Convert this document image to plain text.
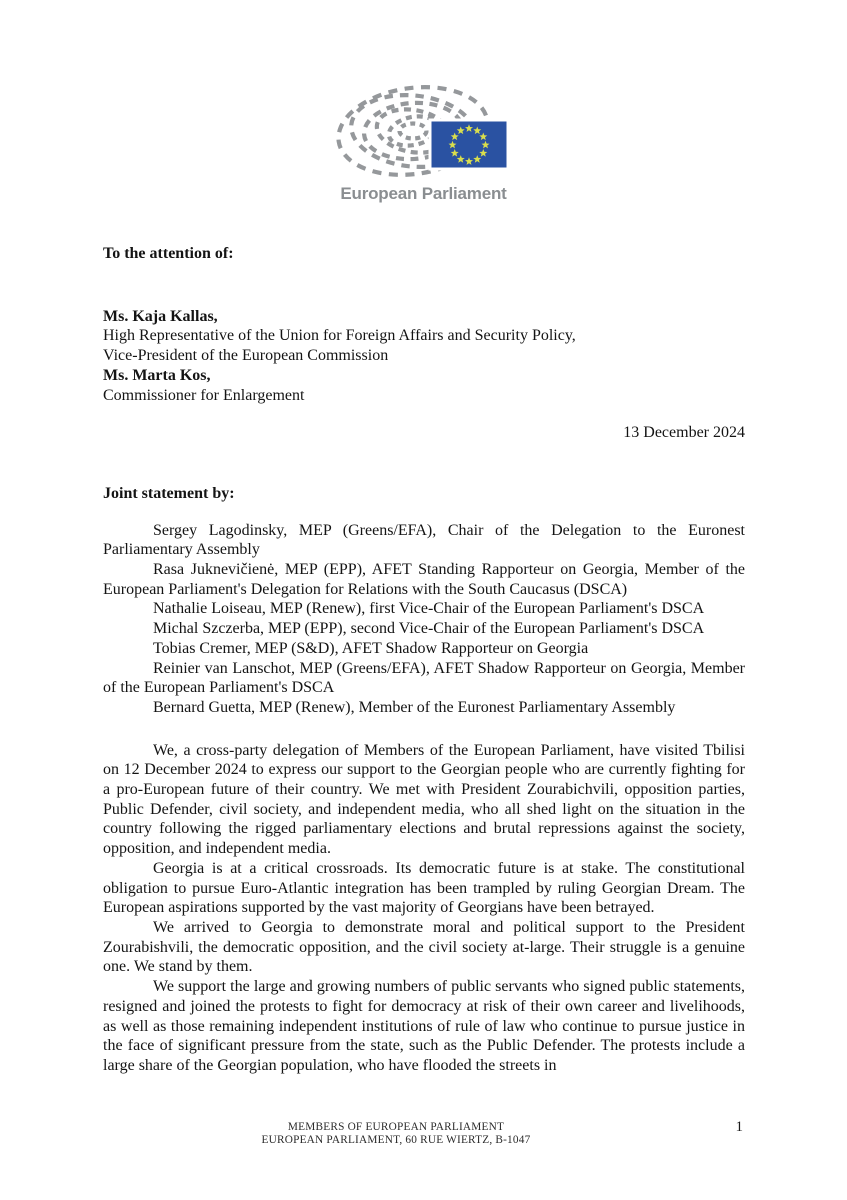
European Parliament
To the attention of:
Ms. Kaja Kallas,
High Representative of the Union for Foreign Affairs and Security Policy,
Vice-President of the European Commission
Ms. Marta Kos,
Commissioner for Enlargement
13 December 2024
Joint statement by:

Sergey Lagodinsky, MEP (Greens/EFA), Chair of the Delegation to the Euronest Parliamentary Assembly

Rasa Juknevičienė, MEP (EPP), AFET Standing Rapporteur on Georgia, Member of the European Parliament's Delegation for Relations with the South Caucasus (DSCA)

Nathalie Loiseau, MEP (Renew), first Vice-Chair of the European Parliament's DSCA

Michal Szczerba, MEP (EPP), second Vice-Chair of the European Parliament's DSCA

Tobias Cremer, MEP (S&D), AFET Shadow Rapporteur on Georgia

Reinier van Lanschot, MEP (Greens/EFA), AFET Shadow Rapporteur on Georgia, Member of the European Parliament's DSCA

Bernard Guetta, MEP (Renew), Member of the Euronest Parliamentary Assembly

We, a cross-party delegation of Members of the European Parliament, have visited Tbilisi on 12 December 2024 to express our support to the Georgian people who are currently fighting for a pro-European future of their country. We met with President Zourabichvili, opposition parties, Public Defender, civil society, and independent media, who all shed light on the situation in the country following the rigged parliamentary elections and brutal repressions against the society, opposition, and independent media.

Georgia is at a critical crossroads. Its democratic future is at stake. The constitutional obligation to pursue Euro-Atlantic integration has been trampled by ruling Georgian Dream. The European aspirations supported by the vast majority of Georgians have been betrayed.

We arrived to Georgia to demonstrate moral and political support to the President Zourabishvili, the democratic opposition, and the civil society at-large. Their struggle is a genuine one. We stand by them.

We support the large and growing numbers of public servants who signed public statements, resigned and joined the protests to fight for democracy at risk of their own career and livelihoods, as well as those remaining independent institutions of rule of law who continue to pursue justice in the face of significant pressure from the state, such as the Public Defender. The protests include a large share of the Georgian population, who have flooded the streets in

MEMBERS OF EUROPEAN PARLIAMENT
EUROPEAN PARLIAMENT, 60 RUE WIERTZ, B-1047
1
